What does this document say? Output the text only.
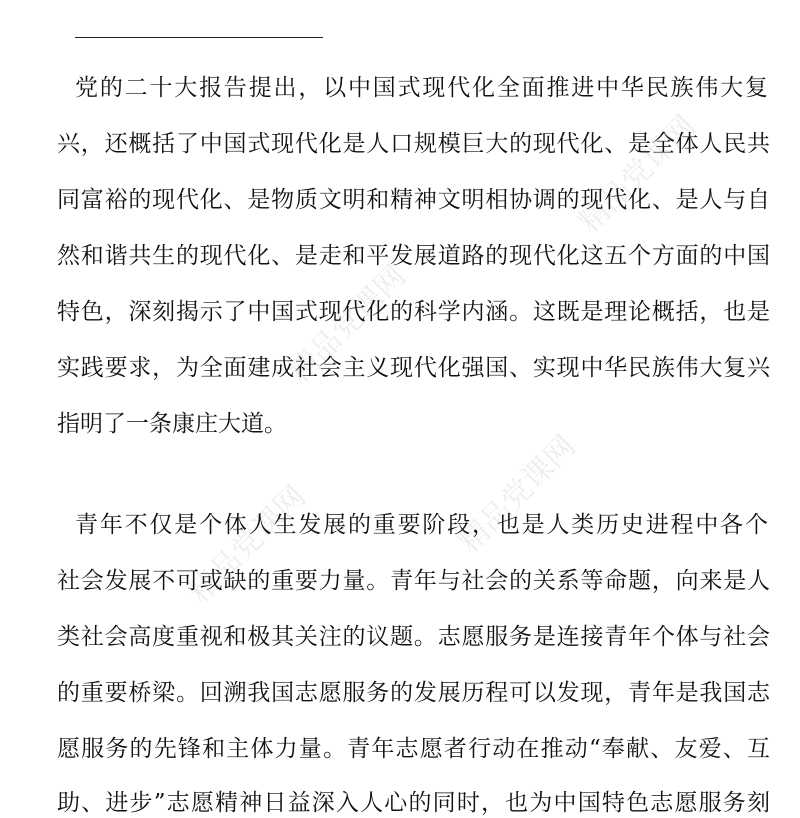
精品党课网
精品党课网
精品党课网
精品党课网
党的二十大报告提出，以中国式现代化全面推进中华民族伟大复
兴，还概括了中国式现代化是人口规模巨大的现代化、是全体人民共
同富裕的现代化、是物质文明和精神文明相协调的现代化、是人与自
然和谐共生的现代化、是走和平发展道路的现代化这五个方面的中国
特色，深刻揭示了中国式现代化的科学内涵。这既是理论概括，也是
实践要求，为全面建成社会主义现代化强国、实现中华民族伟大复兴
指明了一条康庄大道。
青年不仅是个体人生发展的重要阶段，也是人类历史进程中各个
社会发展不可或缺的重要力量。青年与社会的关系等命题，向来是人
类社会高度重视和极其关注的议题。志愿服务是连接青年个体与社会
的重要桥梁。回溯我国志愿服务的发展历程可以发现，青年是我国志
愿服务的先锋和主体力量。青年志愿者行动在推动“奉献、友爱、互
助、进步”志愿精神日益深入人心的同时，也为中国特色志愿服务刻
